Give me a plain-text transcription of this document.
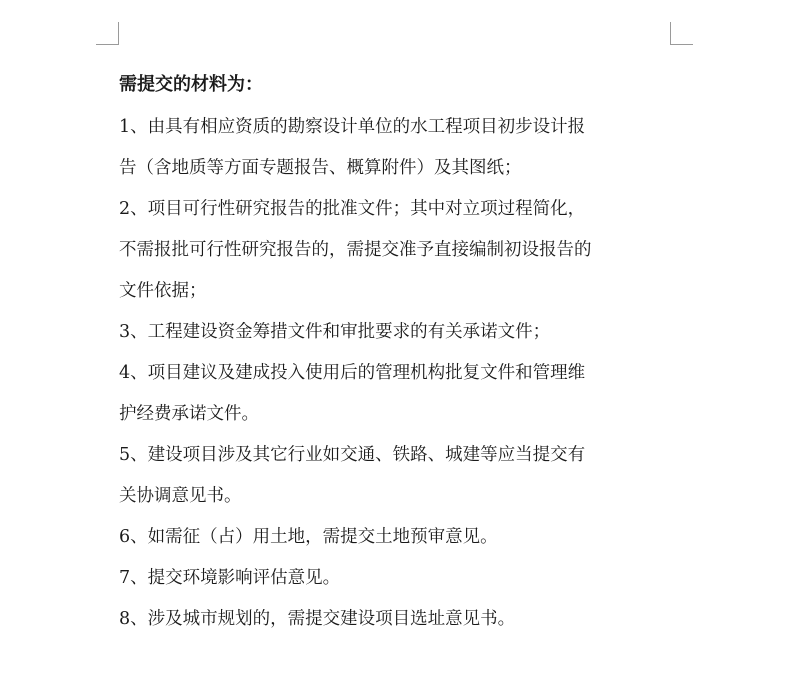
需提交的材料为：
1、由具有相应资质的勘察设计单位的水工程项目初步设计报
告（含地质等方面专题报告、概算附件）及其图纸；
2、项目可行性研究报告的批准文件；其中对立项过程简化，
不需报批可行性研究报告的，需提交准予直接编制初设报告的
文件依据；
3、工程建设资金筹措文件和审批要求的有关承诺文件；
4、项目建议及建成投入使用后的管理机构批复文件和管理维
护经费承诺文件。
5、建设项目涉及其它行业如交通、铁路、城建等应当提交有
关协调意见书。
6、如需征（占）用土地，需提交土地预审意见。
7、提交环境影响评估意见。
8、涉及城市规划的，需提交建设项目选址意见书。
